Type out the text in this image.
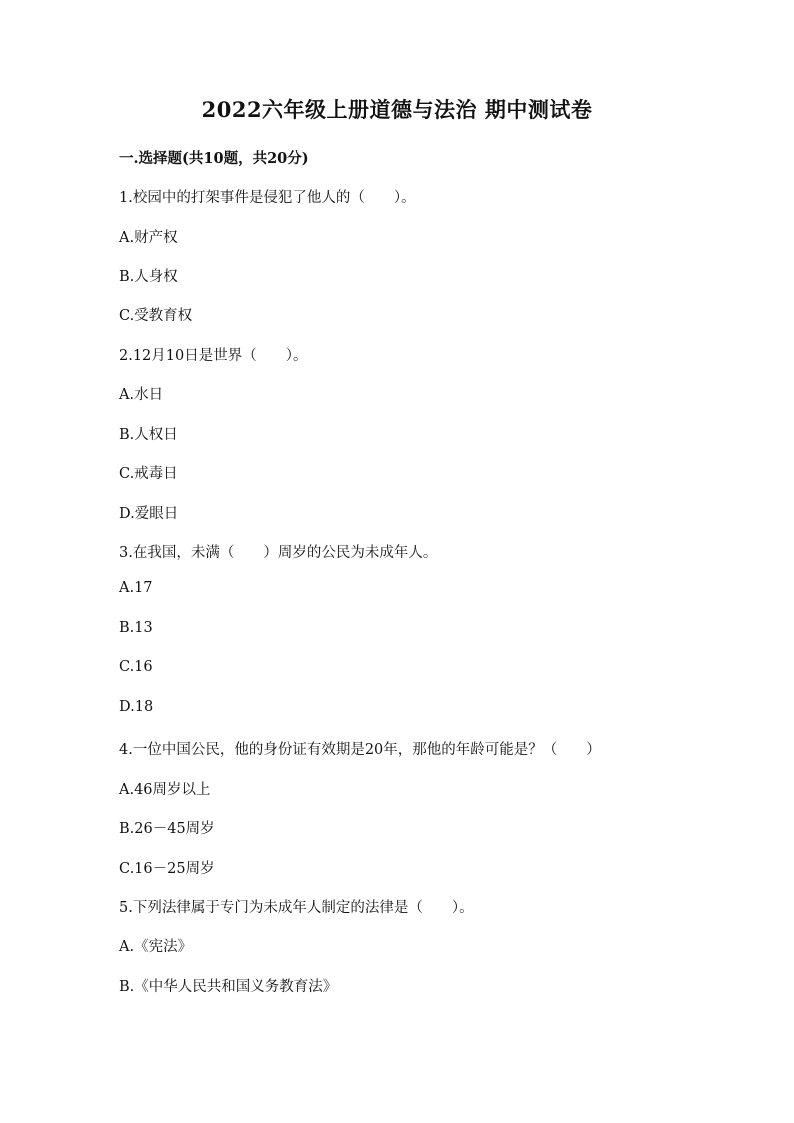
2022六年级上册道德与法治 期中测试卷
一.选择题(共10题，共20分)
1.校园中的打架事件是侵犯了他人的（　　）。
A.财产权
B.人身权
C.受教育权
2.12月10日是世界（　　）。
A.水日
B.人权日
C.戒毒日
D.爱眼日
3.在我国，未满（　　）周岁的公民为未成年人。
A.17
B.13
C.16
D.18
4.一位中国公民，他的身份证有效期是20年，那他的年龄可能是？（　　）
A.46周岁以上
B.26－45周岁
C.16－25周岁
5.下列法律属于专门为未成年人制定的法律是（　　）。
A.《宪法》
B.《中华人民共和国义务教育法》
